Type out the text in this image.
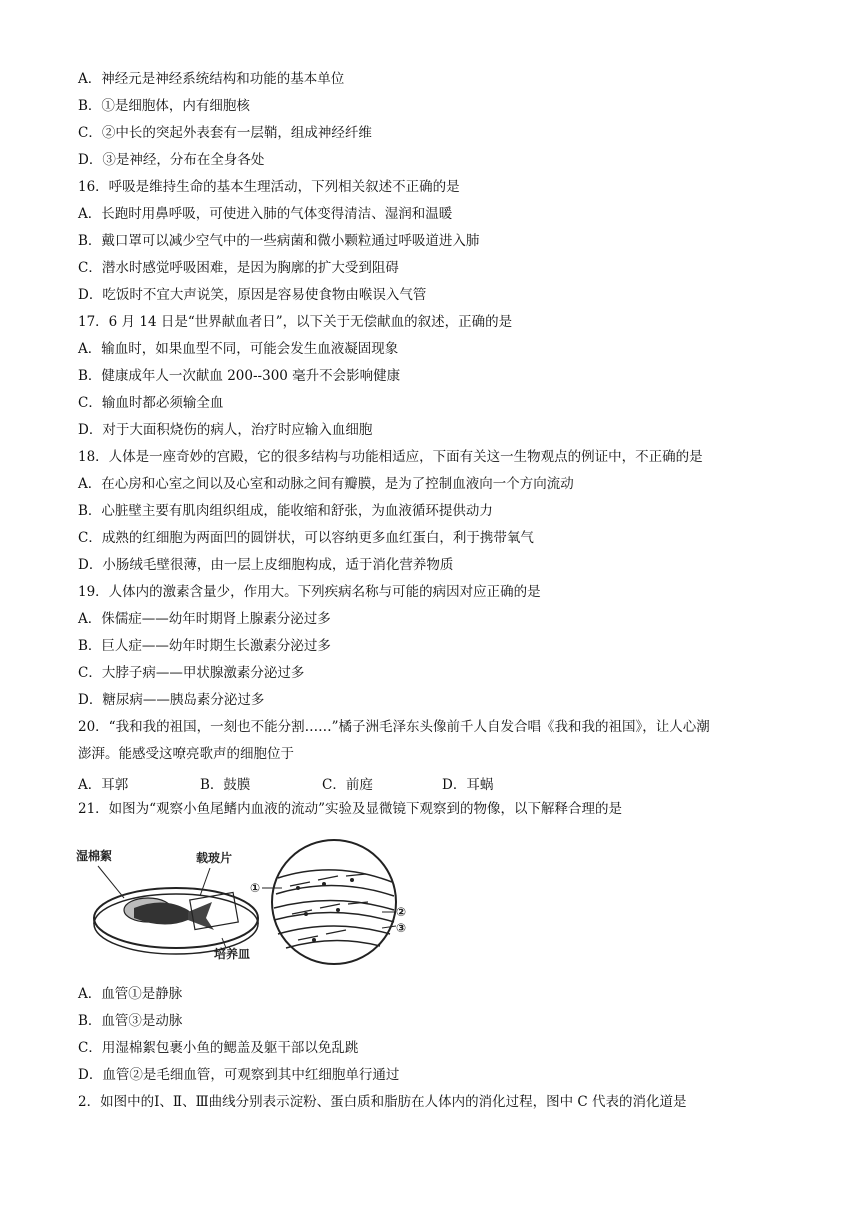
A．神经元是神经系统结构和功能的基本单位
B．①是细胞体，内有细胞核
C．②中长的突起外表套有一层鞘，组成神经纤维
D．③是神经，分布在全身各处
16．呼吸是维持生命的基本生理活动，下列相关叙述不正确的是
A．长跑时用鼻呼吸，可使进入肺的气体变得清洁、湿润和温暖
B．戴口罩可以减少空气中的一些病菌和微小颗粒通过呼吸道进入肺
C．潜水时感觉呼吸困难，是因为胸廓的扩大受到阻碍
D．吃饭时不宜大声说笑，原因是容易使食物由喉误入气管
17．6 月 14 日是“世界献血者日”，以下关于无偿献血的叙述，正确的是
A．输血时，如果血型不同，可能会发生血液凝固现象
B．健康成年人一次献血 200--300 毫升不会影响健康
C．输血时都必须输全血
D．对于大面积烧伤的病人，治疗时应输入血细胞
18．人体是一座奇妙的宫殿，它的很多结构与功能相适应，下面有关这一生物观点的例证中，不正确的是
A．在心房和心室之间以及心室和动脉之间有瓣膜，是为了控制血液向一个方向流动
B．心脏壁主要有肌肉组织组成，能收缩和舒张，为血液循环提供动力
C．成熟的红细胞为两面凹的圆饼状，可以容纳更多血红蛋白，利于携带氧气
D．小肠绒毛壁很薄，由一层上皮细胞构成，适于消化营养物质
19．人体内的激素含量少，作用大。下列疾病名称与可能的病因对应正确的是
A．侏儒症——幼年时期肾上腺素分泌过多
B．巨人症——幼年时期生长激素分泌过多
C．大脖子病——甲状腺激素分泌过多
D．糖尿病——胰岛素分泌过多
20．“我和我的祖国，一刻也不能分割……”橘子洲毛泽东头像前千人自发合唱《我和我的祖国》，让人心潮
澎湃。能感受这嘹亮歌声的细胞位于
A．耳郭	B．鼓膜	C．前庭	D．耳蜗
21．如图为“观察小鱼尾鳍内血液的流动”实验及显微镜下观察到的物像，以下解释合理的是
湿棉絮	载玻片
培养皿
①
②
③
A．血管①是静脉
B．血管③是动脉
C．用湿棉絮包裹小鱼的鳃盖及躯干部以免乱跳
D．血管②是毛细血管，可观察到其中红细胞单行通过
2．如图中的Ⅰ、Ⅱ、Ⅲ曲线分别表示淀粉、蛋白质和脂肪在人体内的消化过程，图中 C 代表的消化道是
